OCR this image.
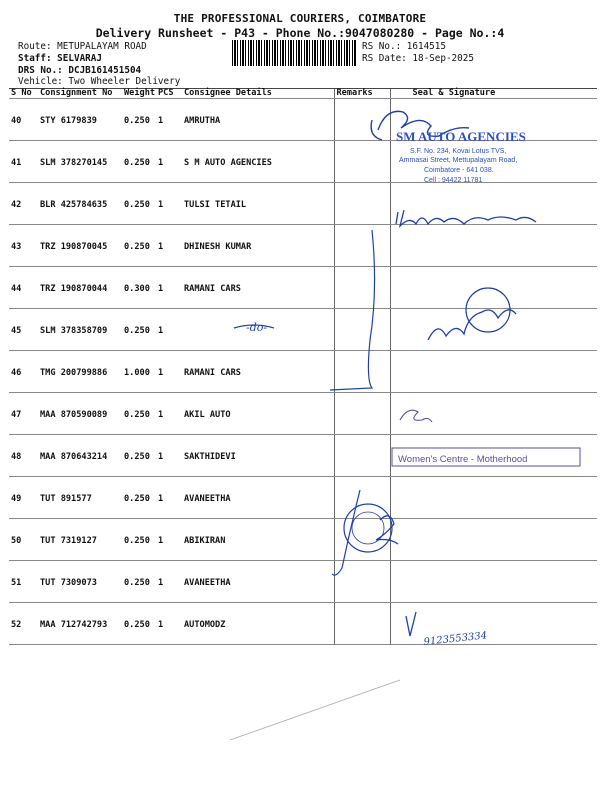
THE PROFESSIONAL COURIERS, COIMBATORE
Delivery Runsheet - P43 - Phone No.:9047080280 - Page No.:4
Route: METUPALAYAM ROAD
Staff: SELVARAJ
DRS No.: DCJB161451504
Vehicle: Two Wheeler Delivery
RS No.: 1614515
RS Date: 18-Sep-2025
S No	Consignment No	Weight	PCS	Consignee Details	Remarks	Seal & Signature
40	STY 6179839	0.250	1	AMRUTHA		
41	SLM 378270145	0.250	1	S M AUTO AGENCIES		
42	BLR 425784635	0.250	1	TULSI TETAIL		
43	TRZ 190870045	0.250	1	DHINESH KUMAR		
44	TRZ 190870044	0.300	1	RAMANI CARS		
45	SLM 378358709	0.250	1			
46	TMG 200799886	1.000	1	RAMANI CARS		
47	MAA 870590089	0.250	1	AKIL AUTO		
48	MAA 870643214	0.250	1	SAKTHIDEVI		
49	TUT 891577	0.250	1	AVANEETHA		
50	TUT 7319127	0.250	1	ABIKIRAN		
51	TUT 7309073	0.250	1	AVANEETHA		
52	MAA 712742793	0.250	1	AUTOMODZ		
SM AUTO AGENCIES
S.F. No. 234, Kovai Lotus TVS,
Ammasai Street, Mettupalayam Road,
Coimbatore - 641 038.
Cell : 94422 11781
-do-
Women's Centre - Motherhood
9123553334
